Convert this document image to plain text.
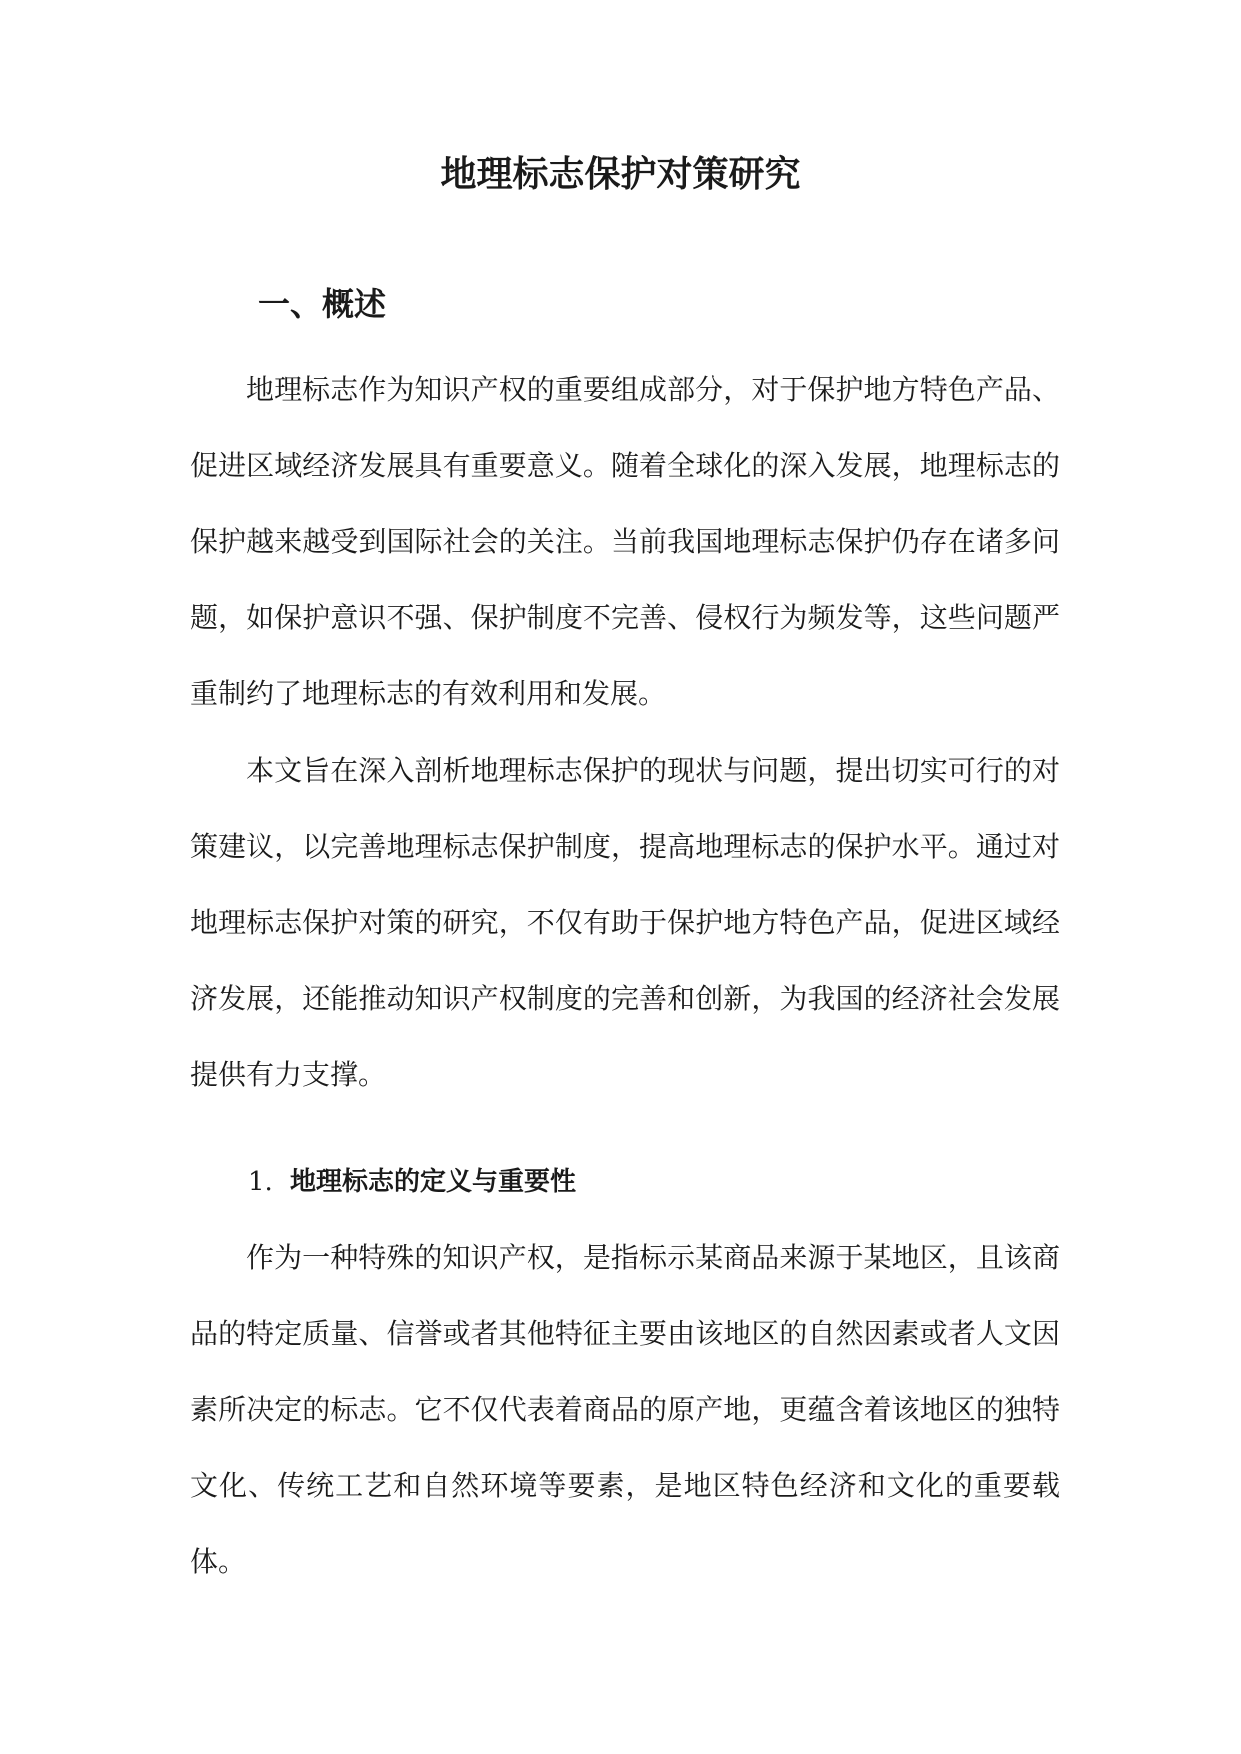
地理标志保护对策研究
一、概述

地理标志作为知识产权的重要组成部分，对于保护地方特色产品、促进区域经济发展具有重要意义。随着全球化的深入发展，地理标志的保护越来越受到国际社会的关注。当前我国地理标志保护仍存在诸多问题，如保护意识不强、保护制度不完善、侵权行为频发等，这些问题严重制约了地理标志的有效利用和发展。

本文旨在深入剖析地理标志保护的现状与问题，提出切实可行的对策建议，以完善地理标志保护制度，提高地理标志的保护水平。通过对地理标志保护对策的研究，不仅有助于保护地方特色产品，促进区域经济发展，还能推动知识产权制度的完善和创新，为我国的经济社会发展提供有力支撑。

1. 地理标志的定义与重要性

作为一种特殊的知识产权，是指标示某商品来源于某地区，且该商品的特定质量、信誉或者其他特征主要由该地区的自然因素或者人文因素所决定的标志。它不仅代表着商品的原产地，更蕴含着该地区的独特文化、传统工艺和自然环境等要素，是地区特色经济和文化的重要载体。
